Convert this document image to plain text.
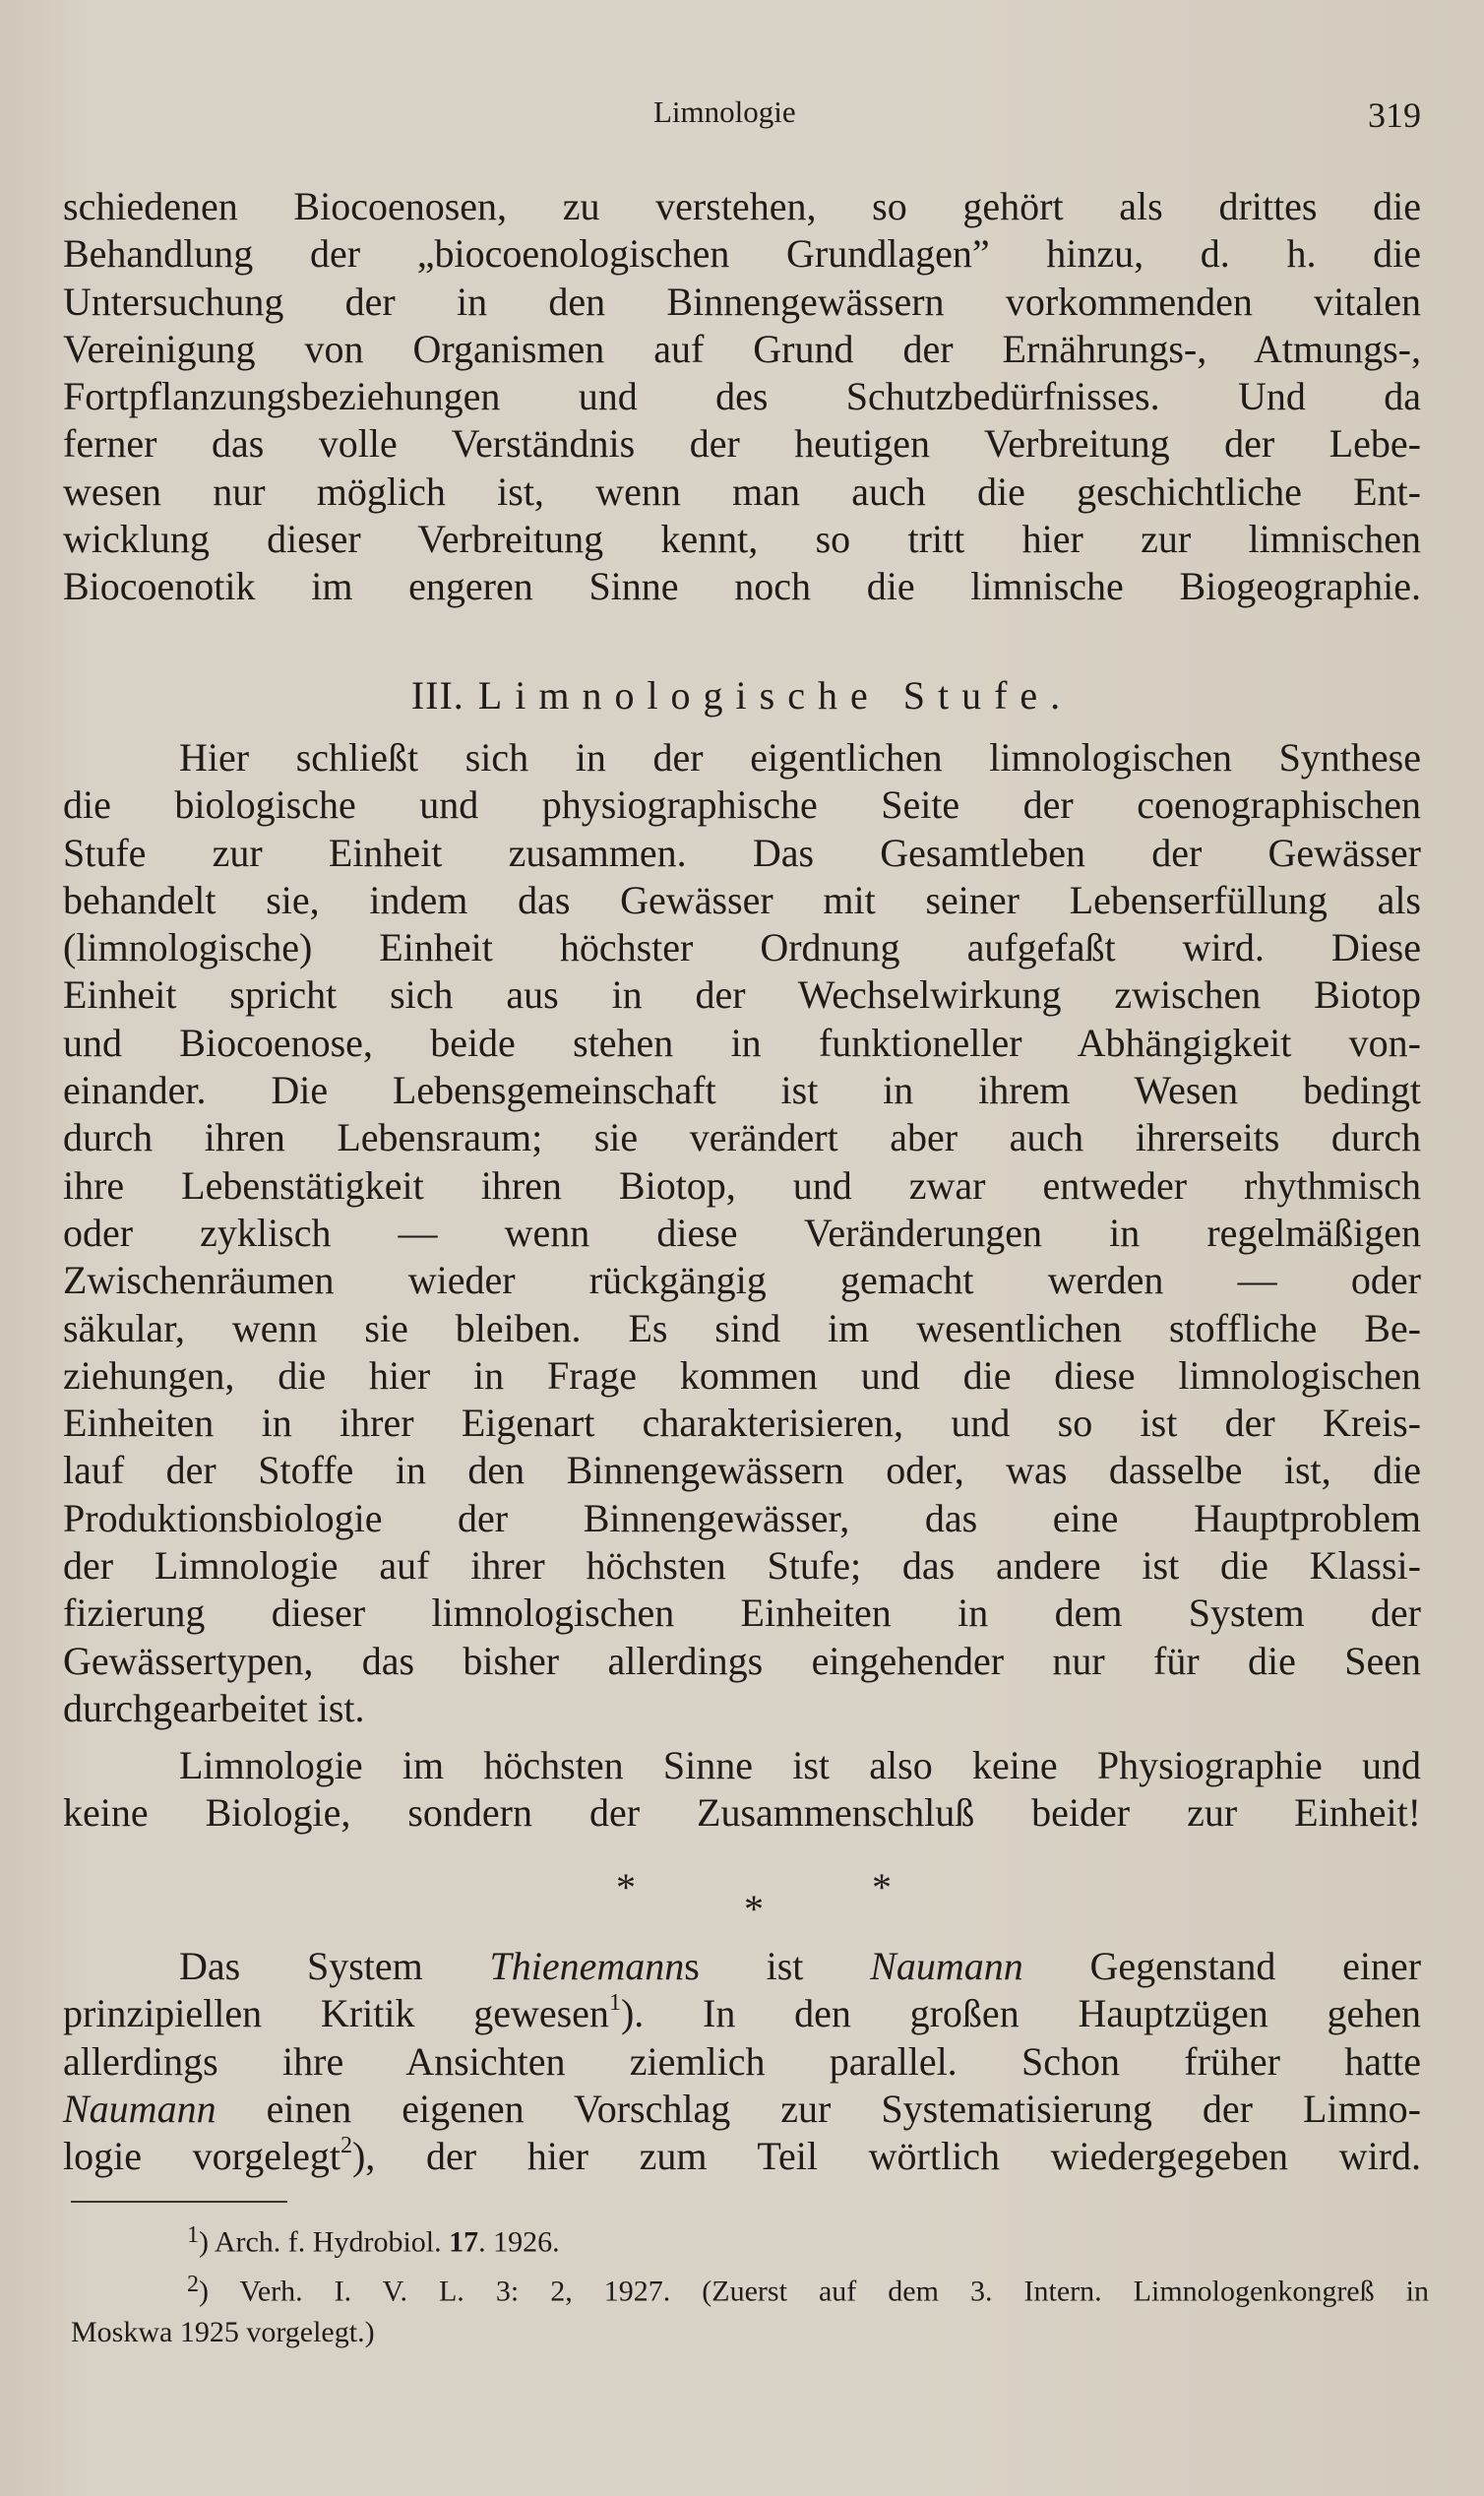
Limnologie	319
schiedenen Biocoenosen, zu verstehen, so gehört als drittes die
Behandlung der „biocoenologischen Grundlagen” hinzu, d. h. die
Untersuchung der in den Binnengewässern vorkommenden vitalen
Vereinigung von Organismen auf Grund der Ernährungs-, Atmungs-,
Fortpflanzungsbeziehungen und des Schutzbedürfnisses. Und da
ferner das volle Verständnis der heutigen Verbreitung der Lebe-
wesen nur möglich ist, wenn man auch die geschichtliche Ent-
wicklung dieser Verbreitung kennt, so tritt hier zur limnischen
Biocoenotik im engeren Sinne noch die limnische Biogeographie.
III. Limnologische Stufe.
Hier schließt sich in der eigentlichen limnologischen Synthese
die biologische und physiographische Seite der coenographischen
Stufe zur Einheit zusammen. Das Gesamtleben der Gewässer
behandelt sie, indem das Gewässer mit seiner Lebenserfüllung als
(limnologische) Einheit höchster Ordnung aufgefaßt wird. Diese
Einheit spricht sich aus in der Wechselwirkung zwischen Biotop
und Biocoenose, beide stehen in funktioneller Abhängigkeit von-
einander. Die Lebensgemeinschaft ist in ihrem Wesen bedingt
durch ihren Lebensraum; sie verändert aber auch ihrerseits durch
ihre Lebenstätigkeit ihren Biotop, und zwar entweder rhythmisch
oder zyklisch — wenn diese Veränderungen in regelmäßigen
Zwischenräumen wieder rückgängig gemacht werden — oder
säkular, wenn sie bleiben. Es sind im wesentlichen stoffliche Be-
ziehungen, die hier in Frage kommen und die diese limnologischen
Einheiten in ihrer Eigenart charakterisieren, und so ist der Kreis-
lauf der Stoffe in den Binnengewässern oder, was dasselbe ist, die
Produktionsbiologie der Binnengewässer, das eine Hauptproblem
der Limnologie auf ihrer höchsten Stufe; das andere ist die Klassi-
fizierung dieser limnologischen Einheiten in dem System der
Gewässertypen, das bisher allerdings eingehender nur für die Seen
durchgearbeitet ist.
Limnologie im höchsten Sinne ist also keine Physiographie und
keine Biologie, sondern der Zusammenschluß beider zur Einheit!
*	*	*
Das System Thienemanns ist Naumann Gegenstand einer
prinzipiellen Kritik gewesen$^1$). In den großen Hauptzügen gehen
allerdings ihre Ansichten ziemlich parallel. Schon früher hatte
Naumann einen eigenen Vorschlag zur Systematisierung der Limno-
logie vorgelegt$^2$), der hier zum Teil wörtlich wiedergegeben wird.
$^1$) Arch. f. Hydrobiol. 17. 1926.
$^2$) Verh. I. V. L. 3: 2, 1927. (Zuerst auf dem 3. Intern. Limnologenkongreß in
Moskwa 1925 vorgelegt.)
